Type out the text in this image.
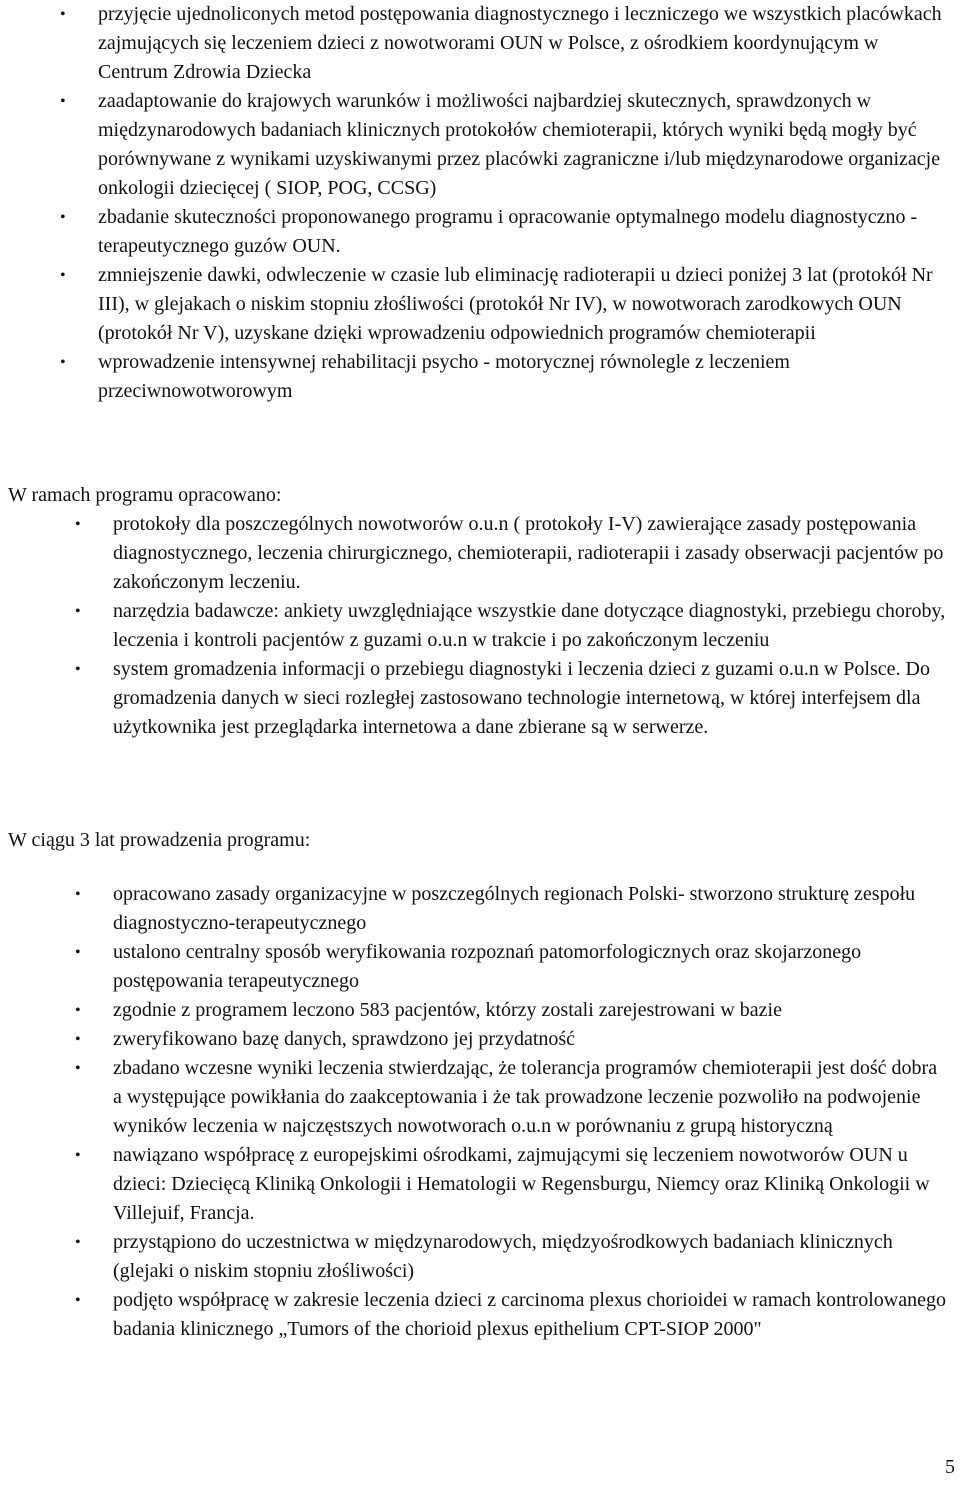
• przyjęcie ujednoliconych metod postępowania diagnostycznego i leczniczego we wszystkich placówkach zajmujących się leczeniem dzieci z nowotworami OUN w Polsce, z ośrodkiem koordynującym w Centrum Zdrowia Dziecka
• zaadaptowanie do krajowych warunków i możliwości najbardziej skutecznych, sprawdzonych w międzynarodowych badaniach klinicznych protokołów chemioterapii, których wyniki będą mogły być porównywane z wynikami uzyskiwanymi przez placówki zagraniczne i/lub międzynarodowe organizacje onkologii dziecięcej ( SIOP, POG, CCSG)
• zbadanie skuteczności proponowanego programu i opracowanie optymalnego modelu diagnostyczno - terapeutycznego guzów OUN.
• zmniejszenie dawki, odwleczenie w czasie lub eliminację radioterapii u dzieci poniżej 3 lat (protokół Nr III), w glejakach o niskim stopniu złośliwości (protokół Nr IV), w nowotworach zarodkowych OUN (protokół Nr V), uzyskane dzięki wprowadzeniu odpowiednich programów chemioterapii
• wprowadzenie intensywnej rehabilitacji psycho - motorycznej równolegle z leczeniem przeciwnowotworowym
W ramach programu opracowano:
• protokoły dla poszczególnych nowotworów o.u.n ( protokoły I-V) zawierające zasady postępowania diagnostycznego, leczenia chirurgicznego, chemioterapii, radioterapii i zasady obserwacji pacjentów po zakończonym leczeniu.
• narzędzia badawcze: ankiety uwzględniające wszystkie dane dotyczące diagnostyki, przebiegu choroby, leczenia i kontroli pacjentów z guzami o.u.n w trakcie i po zakończonym leczeniu
• system gromadzenia informacji o przebiegu diagnostyki i leczenia dzieci z guzami o.u.n w Polsce. Do gromadzenia danych w sieci rozległej zastosowano technologie internetową, w której interfejsem dla użytkownika jest przeglądarka internetowa a dane zbierane są w serwerze.
W ciągu 3 lat prowadzenia programu:
• opracowano zasady organizacyjne w poszczególnych regionach Polski- stworzono strukturę zespołu diagnostyczno-terapeutycznego
• ustalono centralny sposób weryfikowania rozpoznań patomorfologicznych oraz skojarzonego postępowania terapeutycznego
• zgodnie z programem leczono 583 pacjentów, którzy zostali zarejestrowani w bazie
• zweryfikowano bazę danych, sprawdzono jej przydatność
• zbadano wczesne wyniki leczenia stwierdzając, że tolerancja programów chemioterapii jest dość dobra a występujące powikłania do zaakceptowania i że tak prowadzone leczenie pozwoliło na podwojenie wyników leczenia w najczęstszych nowotworach o.u.n w porównaniu z grupą historyczną
• nawiązano współpracę z europejskimi ośrodkami, zajmującymi się leczeniem nowotworów OUN u dzieci: Dziecięcą Kliniką Onkologii i Hematologii w Regensburgu, Niemcy oraz Kliniką Onkologii w Villejuif, Francja.
• przystąpiono do uczestnictwa w międzynarodowych, międzyośrodkowych badaniach klinicznych (glejaki o niskim stopniu złośliwości)
• podjęto współpracę w zakresie leczenia dzieci z carcinoma plexus chorioidei w ramach kontrolowanego badania klinicznego „Tumors of the chorioid plexus epithelium CPT-SIOP 2000"
5
